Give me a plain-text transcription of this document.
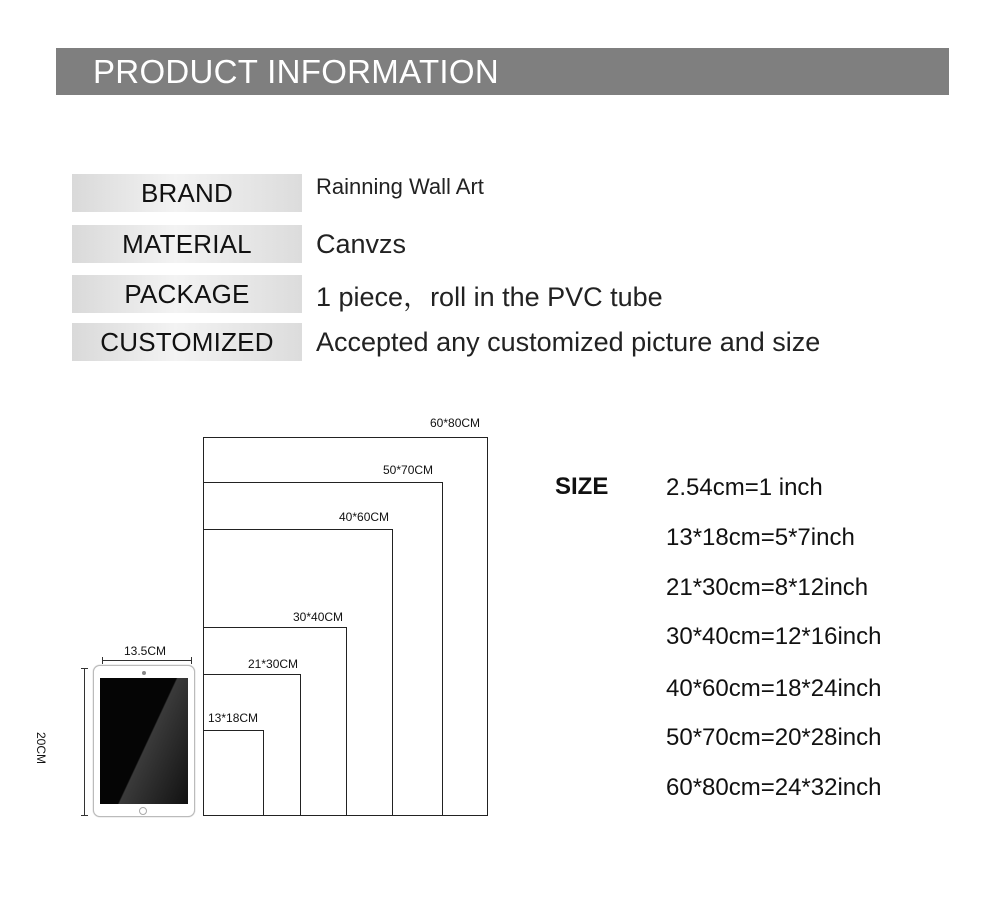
PRODUCT INFORMATION
BRAND	Rainning Wall Art
MATERIAL	Canvzs
PACKAGE	1 piece，roll in the PVC tube
CUSTOMIZED	Accepted any customized picture and size
60*80CM
50*70CM
40*60CM
30*40CM
21*30CM
13*18CM
13.5CM
20CM
SIZE 2.54cm=1 inch
13*18cm=5*7inch
21*30cm=8*12inch
30*40cm=12*16inch
40*60cm=18*24inch
50*70cm=20*28inch
60*80cm=24*32inch
